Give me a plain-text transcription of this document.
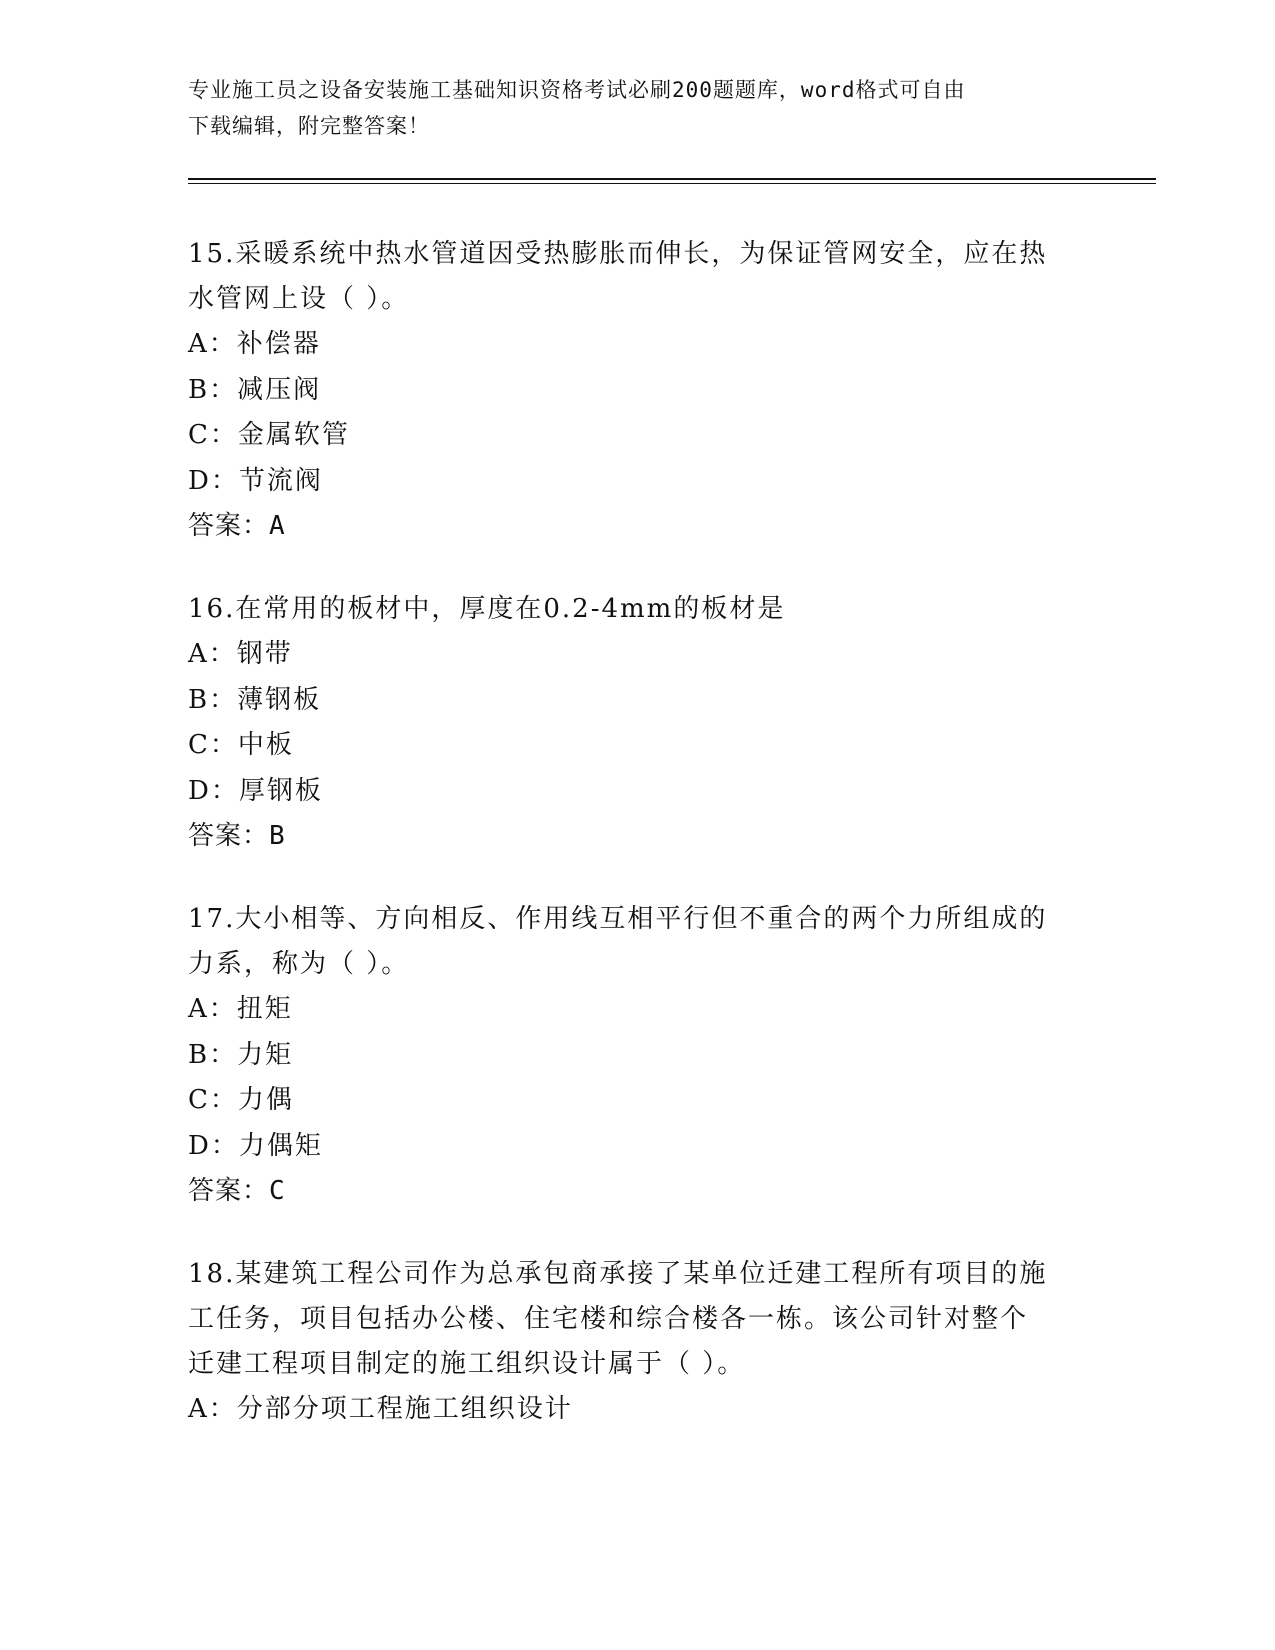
专业施工员之设备安装施工基础知识资格考试必刷200题题库，word格式可自由
下载编辑，附完整答案！
15.采暖系统中热水管道因受热膨胀而伸长，为保证管网安全，应在热
水管网上设（ ）。
A：补偿器
B：减压阀
C：金属软管
D：节流阀
答案：A
16.在常用的板材中，厚度在0.2-4mm的板材是
A：钢带
B：薄钢板
C：中板
D：厚钢板
答案：B
17.大小相等、方向相反、作用线互相平行但不重合的两个力所组成的
力系，称为（ ）。
A：扭矩
B：力矩
C：力偶
D：力偶矩
答案：C
18.某建筑工程公司作为总承包商承接了某单位迁建工程所有项目的施
工任务，项目包括办公楼、住宅楼和综合楼各一栋。该公司针对整个
迁建工程项目制定的施工组织设计属于（ ）。
A：分部分项工程施工组织设计
